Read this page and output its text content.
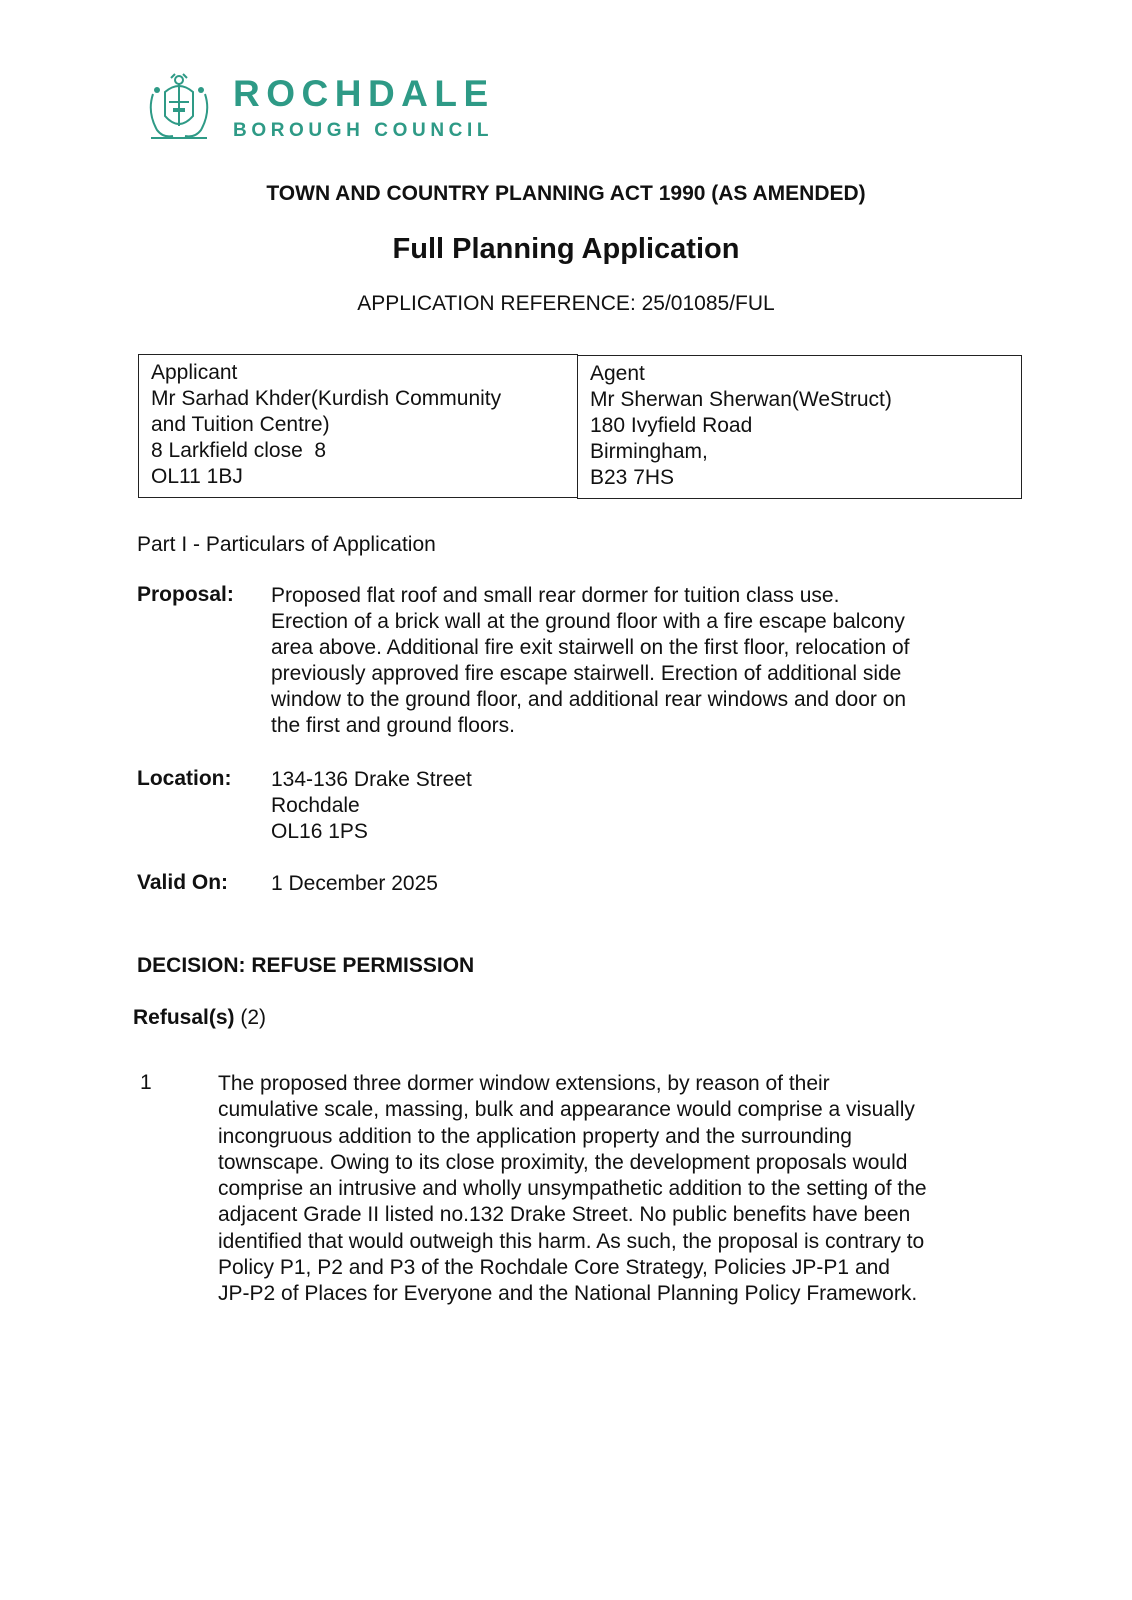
ROCHDALE
BOROUGH COUNCIL
TOWN AND COUNTRY PLANNING ACT 1990 (AS AMENDED)
Full Planning Application
APPLICATION REFERENCE: 25/01085/FUL
Applicant
Mr Sarhad Khder(Kurdish Community
and Tuition Centre)
8 Larkfield close  8
OL11 1BJ
Agent
Mr Sherwan Sherwan(WeStruct)
180 Ivyfield Road
Birmingham,
B23 7HS
Part I - Particulars of Application
Proposal: Proposed flat roof and small rear dormer for tuition class use.
Erection of a brick wall at the ground floor with a fire escape balcony
area above. Additional fire exit stairwell on the first floor, relocation of
previously approved fire escape stairwell. Erection of additional side
window to the ground floor, and additional rear windows and door on
the first and ground floors.
Location: 134-136 Drake Street
Rochdale
OL16 1PS
Valid On: 1 December 2025
DECISION: REFUSE PERMISSION
Refusal(s) (2)
1	The proposed three dormer window extensions, by reason of their
cumulative scale, massing, bulk and appearance would comprise a visually
incongruous addition to the application property and the surrounding
townscape. Owing to its close proximity, the development proposals would
comprise an intrusive and wholly unsympathetic addition to the setting of the
adjacent Grade II listed no.132 Drake Street. No public benefits have been
identified that would outweigh this harm. As such, the proposal is contrary to
Policy P1, P2 and P3 of the Rochdale Core Strategy, Policies JP-P1 and
JP-P2 of Places for Everyone and the National Planning Policy Framework.
